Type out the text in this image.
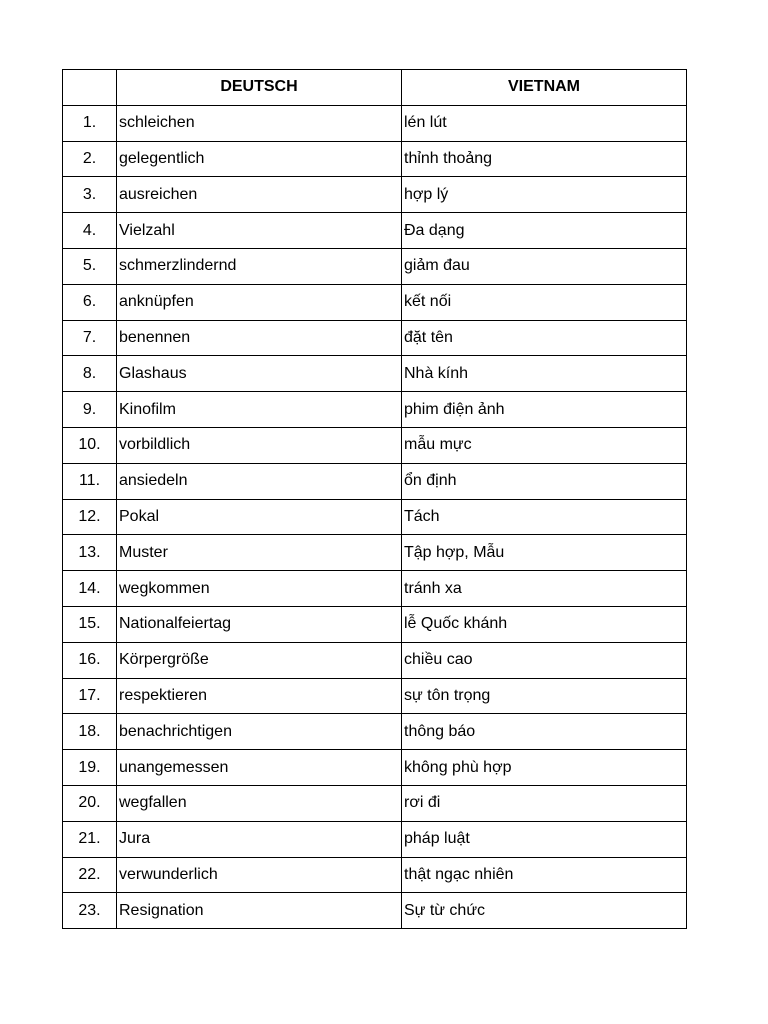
	DEUTSCH	VIETNAM
1.	schleichen	lén lút
2.	gelegentlich	thỉnh thoảng
3.	ausreichen	hợp lý
4.	Vielzahl	Đa dạng
5.	schmerzlindernd	giảm đau
6.	anknüpfen	kết nối
7.	benennen	đặt tên
8.	Glashaus	Nhà kính
9.	Kinofilm	phim điện ảnh
10.	vorbildlich	mẫu mực
11.	ansiedeln	ổn định
12.	Pokal	Tách
13.	Muster	Tập hợp, Mẫu
14.	wegkommen	tránh xa
15.	Nationalfeiertag	lễ Quốc khánh
16.	Körpergröße	chiều cao
17.	respektieren	sự tôn trọng
18.	benachrichtigen	thông báo
19.	unangemessen	không phù hợp
20.	wegfallen	rơi đi
21.	Jura	pháp luật
22.	verwunderlich	thật ngạc nhiên
23.	Resignation	Sự từ chức
